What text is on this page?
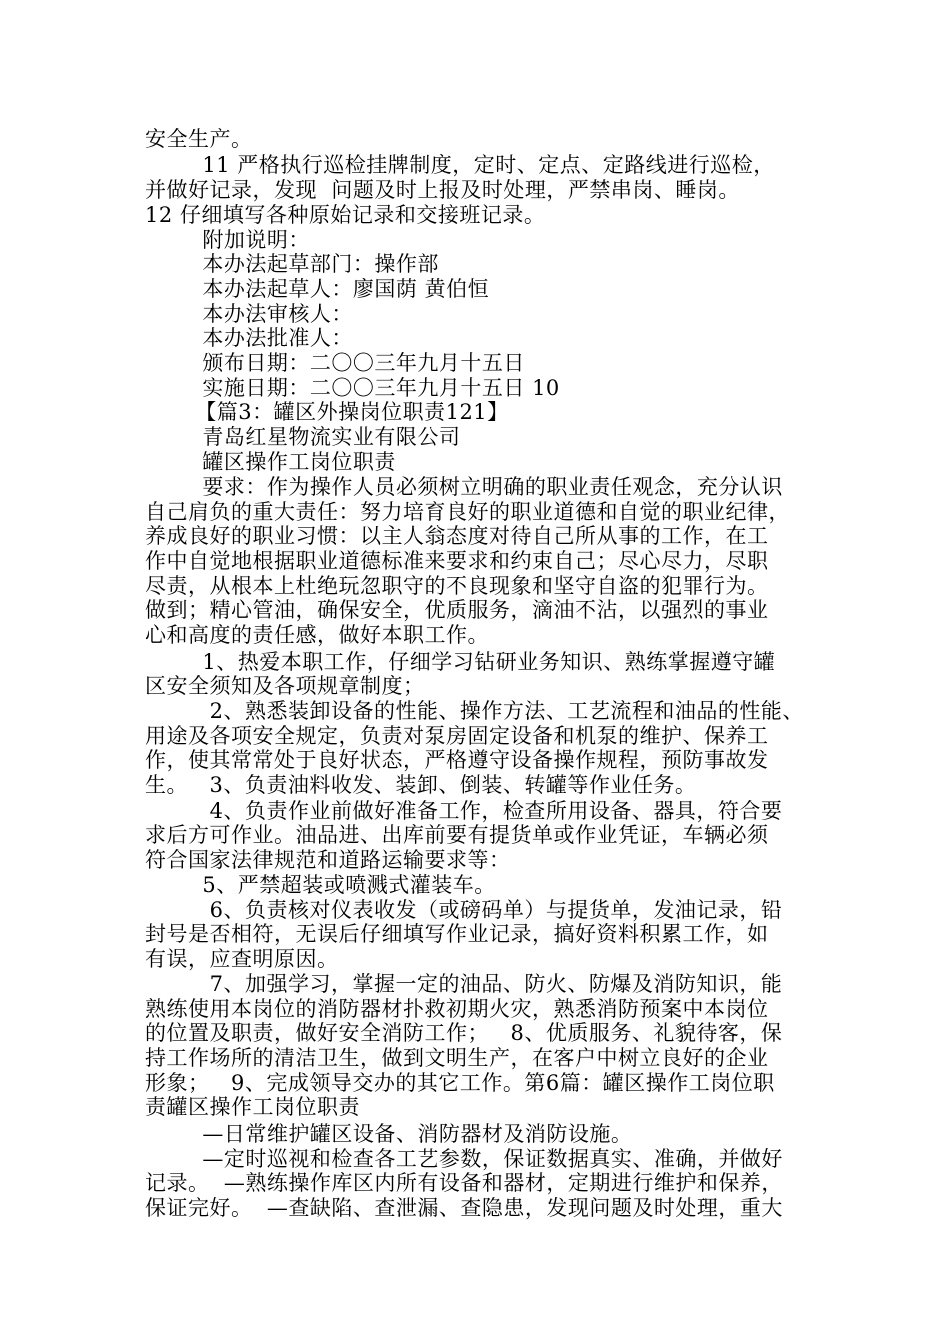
安全生产。
11 严格执行巡检挂牌制度，定时、定点、定路线进行巡检，
并做好记录，发现  问题及时上报及时处理，严禁串岗、睡岗。
12 仔细填写各种原始记录和交接班记录。
附加说明：
本办法起草部门：操作部
本办法起草人：廖国荫 黄伯恒
本办法审核人：
本办法批准人：
颁布日期：二〇〇三年九月十五日
实施日期：二〇〇三年九月十五日 10
【篇3：罐区外操岗位职责121】
青岛红星物流实业有限公司
罐区操作工岗位职责
要求：作为操作人员必须树立明确的职业责任观念，充分认识
自己肩负的重大责任：努力培育良好的职业道德和自觉的职业纪律，
养成良好的职业习惯：以主人翁态度对待自己所从事的工作，在工
作中自觉地根据职业道德标准来要求和约束自己；尽心尽力，尽职
尽责，从根本上杜绝玩忽职守的不良现象和坚守自盗的犯罪行为。
做到；精心管油，确保安全，优质服务，滴油不沾，以强烈的事业
心和高度的责任感，做好本职工作。
1、热爱本职工作，仔细学习钻研业务知识、熟练掌握遵守罐
区安全须知及各项规章制度；
2、熟悉装卸设备的性能、操作方法、工艺流程和油品的性能、
用途及各项安全规定，负责对泵房固定设备和机泵的维护、保养工
作，使其常常处于良好状态，严格遵守设备操作规程，预防事故发
生。   3、负责油料收发、装卸、倒装、转罐等作业任务。
4、负责作业前做好准备工作，检查所用设备、器具，符合要
求后方可作业。油品进、出库前要有提货单或作业凭证，车辆必须
符合国家法律规范和道路运输要求等：
5、严禁超装或喷溅式灌装车。
6、负责核对仪表收发（或磅码单）与提货单，发油记录，铅
封号是否相符，无误后仔细填写作业记录，搞好资料积累工作，如
有误，应查明原因。
7、加强学习，掌握一定的油品、防火、防爆及消防知识，能
熟练使用本岗位的消防器材扑救初期火灾，熟悉消防预案中本岗位
的位置及职责，做好安全消防工作；   8、优质服务、礼貌待客，保
持工作场所的清洁卫生，做到文明生产，在客户中树立良好的企业
形象；   9、完成领导交办的其它工作。第6篇：罐区操作工岗位职
责罐区操作工岗位职责
—日常维护罐区设备、消防器材及消防设施。
—定时巡视和检查各工艺参数，保证数据真实、准确，并做好
记录。  —熟练操作库区内所有设备和器材，定期进行维护和保养，
保证完好。  —查缺陷、查泄漏、查隐患，发现问题及时处理，重大
